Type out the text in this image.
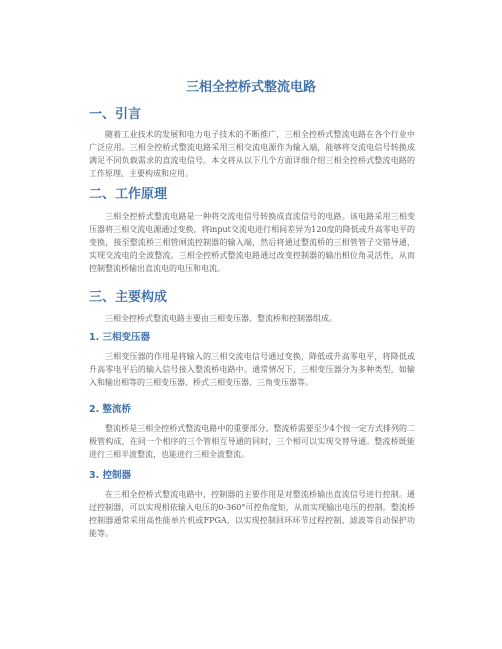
三相全控桥式整流电路
一、引言

随着工业技术的发展和电力电子技术的不断推广，三相全控桥式整流电路在各个行业中广泛应用。三相全控桥式整流电路采用三相交流电源作为输入端，能够将交流电信号转换成满足不同负载需求的直流电信号。本文将从以下几个方面详细介绍三相全控桥式整流电路的工作原理、主要构成和应用。

二、工作原理

三相全控桥式整流电路是一种将交流电信号转换成直流信号的电路。该电路采用三相变压器将三相交流电源通过变换，将input交流电进行相间差异为120度的降低或升高零电平的变换，接至整流桥三相管闸流控制器的输入端，然后将通过整流桥的三相管管子交错导通，实现交流电的全波整流。三相全控桥式整流电路通过改变控制器的输出相位角灵活性，从而控制整流桥输出直流电的电压和电流。

三、主要构成

三相全控桥式整流电路主要由三相变压器、整流桥和控制器组成。

1. 三相变压器

三相变压器的作用是将输入的三相交流电信号通过变换，降低或升高零电平，将降低或升高零电平后的输入信号接入整流桥电路中。通常情况下，三相变压器分为多种类型，如输入和输出相等的三相变压器、桥式三相变压器、三角变压器等。

2. 整流桥

整流桥是三相全控桥式整流电路中的重要部分。整流桥需要至少4个按一定方式排列的二极管构成，在同一个相序的三个管相互导通的同时，三个相可以实现交替导通。整流桥既能进行三相半波整流，也能进行三相全波整流。

3. 控制器

在三相全控桥式整流电路中，控制器的主要作用是对整流桥输出直流信号进行控制。通过控制器，可以实现相依输入电压的0-360°可控角度矩，从而实现输出电压的控制。整流桥控制器通常采用高性能单片机或FPGA，以实现控制回环环节过程控制、滤波等自动保护功能等。
